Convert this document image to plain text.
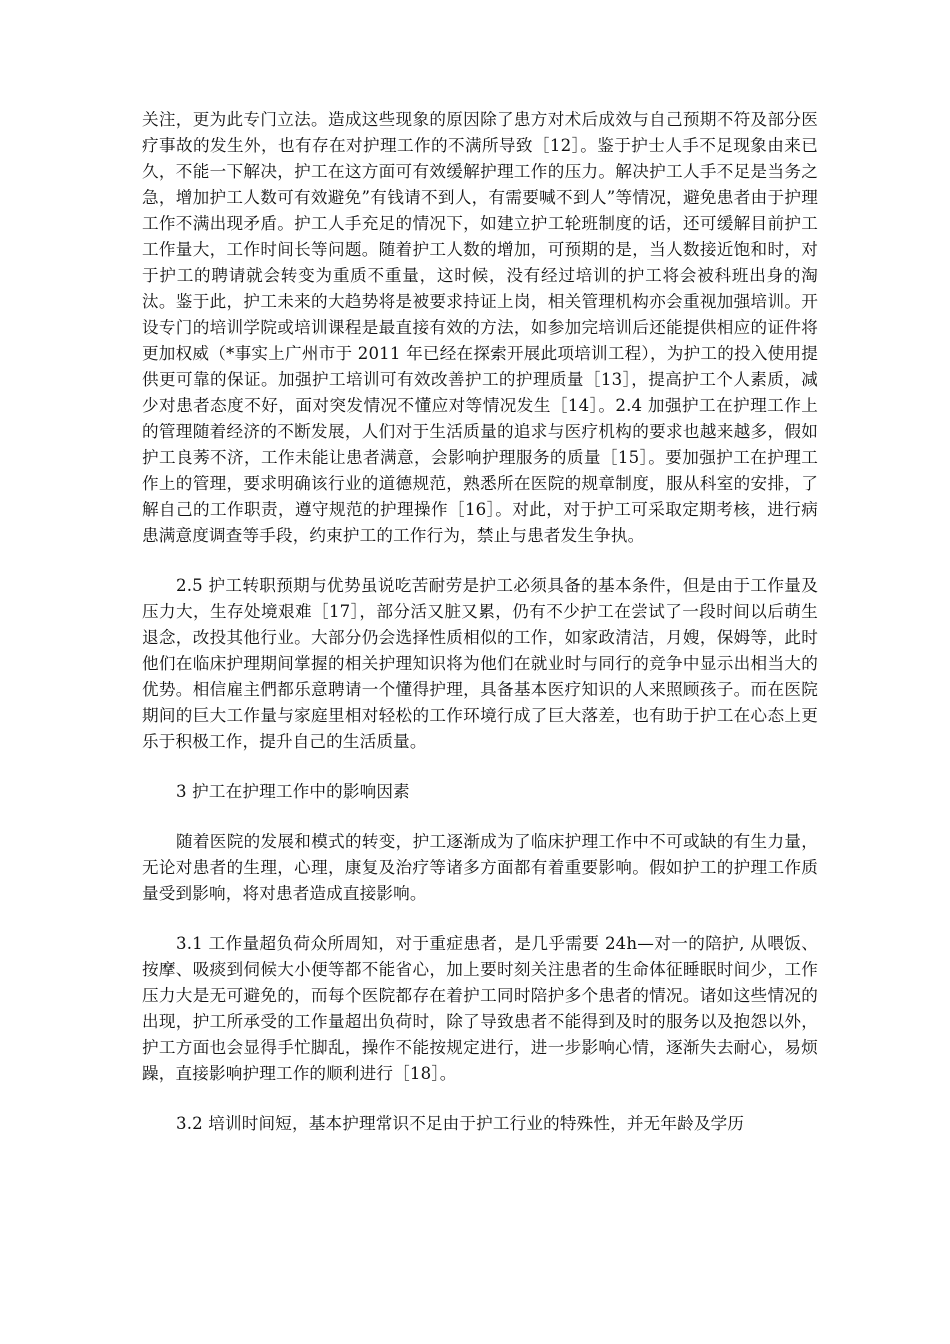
关注，更为此专门立法。造成这些现象的原因除了患方对术后成效与自己预期不符及部分医疗事故的发生外，也有存在对护理工作的不满所导致［12］。鉴于护士人手不足现象由来已久，不能一下解决，护工在这方面可有效缓解护理工作的压力。解决护工人手不足是当务之急，增加护工人数可有效避免”有钱请不到人，有需要喊不到人”等情况，避免患者由于护理工作不满出现矛盾。护工人手充足的情况下，如建立护工轮班制度的话，还可缓解目前护工工作量大，工作时间长等问题。随着护工人数的增加，可预期的是，当人数接近饱和时，对于护工的聘请就会转变为重质不重量，这时候，没有经过培训的护工将会被科班出身的淘汰。鉴于此，护工未来的大趋势将是被要求持证上岗，相关管理机构亦会重视加强培训。开设专门的培训学院或培训课程是最直接有效的方法，如参加完培训后还能提供相应的证件将更加权威（*事实上广州市于 2011 年已经在探索开展此项培训工程），为护工的投入使用提供更可靠的保证。加强护工培训可有效改善护工的护理质量［13］，提高护工个人素质，减少对患者态度不好，面对突发情况不懂应对等情况发生［14］。2.4 加强护工在护理工作上的管理随着经济的不断发展，人们对于生活质量的追求与医疗机构的要求也越来越多，假如护工良莠不济，工作未能让患者满意，会影响护理服务的质量［15］。要加强护工在护理工作上的管理，要求明确该行业的道德规范，熟悉所在医院的规章制度，服从科室的安排，了解自己的工作职责，遵守规范的护理操作［16］。对此，对于护工可采取定期考核，进行病患满意度调查等手段，约束护工的工作行为，禁止与患者发生争执。

2.5 护工转职预期与优势虽说吃苦耐劳是护工必须具备的基本条件，但是由于工作量及压力大，生存处境艰难［17］，部分活又脏又累，仍有不少护工在尝试了一段时间以后萌生退念，改投其他行业。大部分仍会选择性质相似的工作，如家政清洁，月嫂，保姆等，此时他们在临床护理期间掌握的相关护理知识将为他们在就业时与同行的竞争中显示出相当大的优势。相信雇主們都乐意聘请一个懂得护理，具备基本医疗知识的人来照顾孩子。而在医院期间的巨大工作量与家庭里相对轻松的工作环境行成了巨大落差，也有助于护工在心态上更乐于积极工作，提升自己的生活质量。

3 护工在护理工作中的影响因素

随着医院的发展和模式的转变，护工逐渐成为了临床护理工作中不可或缺的有生力量，无论对患者的生理，心理，康复及治疗等诸多方面都有着重要影响。假如护工的护理工作质量受到影响，将对患者造成直接影响。

3.1 工作量超负荷众所周知，对于重症患者，是几乎需要 24h—对一的陪护, 从喂饭、按摩、吸痰到伺候大小便等都不能省心，加上要时刻关注患者的生命体征睡眠时间少，工作压力大是无可避免的，而每个医院都存在着护工同时陪护多个患者的情况。诸如这些情况的出现，护工所承受的工作量超出负荷时，除了导致患者不能得到及时的服务以及抱怨以外，护工方面也会显得手忙脚乱，操作不能按规定进行，进一步影响心情，逐渐失去耐心，易烦躁，直接影响护理工作的顺利进行［18］。

3.2 培训时间短，基本护理常识不足由于护工行业的特殊性，并无年龄及学历
